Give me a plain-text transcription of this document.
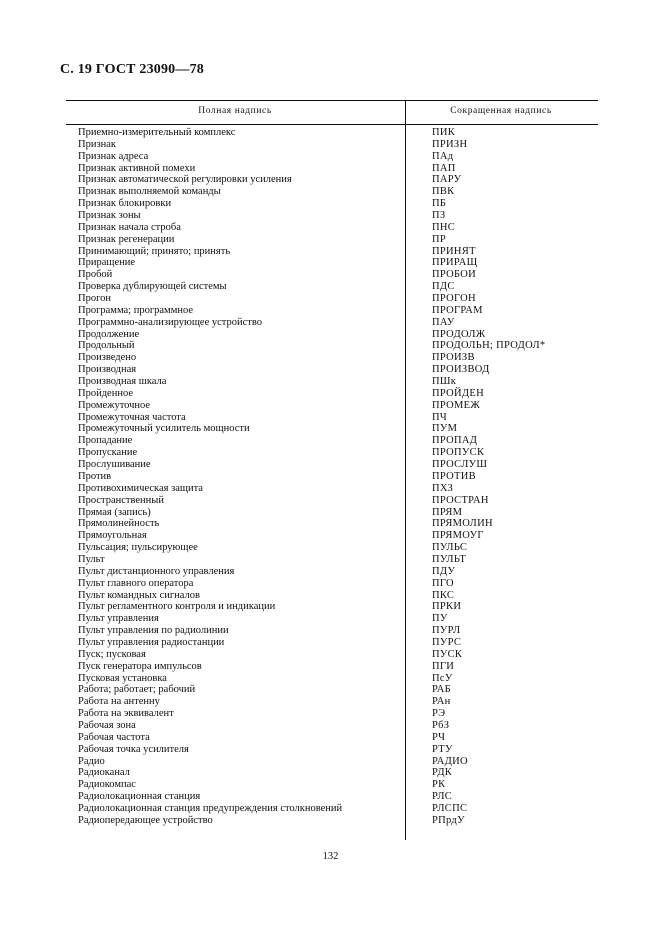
С. 19 ГОСТ 23090—78
Полная надпись	Сокращенная надпись
Приемно-измерительный комплекс	ПИК
Признак	ПРИЗН
Признак адреса	ПАд
Признак активной помехи	ПАП
Признак автоматической регулировки усиления	ПАРУ
Признак выполняемой команды	ПВК
Признак блокировки	ПБ
Признак зоны	ПЗ
Признак начала строба	ПНС
Признак регенерации	ПР
Принимающий; принято; принять	ПРИНЯТ
Приращение	ПРИРАЩ
Пробой	ПРОБОИ
Проверка дублирующей системы	ПДС
Прогон	ПРОГОН
Программа; программное	ПРОГРАМ
Программно-анализирующее устройство	ПАУ
Продолжение	ПРОДОЛЖ
Продольный	ПРОДОЛЬН; ПРОДОЛ*
Произведено	ПРОИЗВ
Производная	ПРОИЗВОД
Производная шкала	ПШк
Пройденное	ПРОЙДЕН
Промежуточное	ПРОМЕЖ
Промежуточная частота	ПЧ
Промежуточный усилитель мощности	ПУМ
Пропадание	ПРОПАД
Пропускание	ПРОПУСК
Прослушивание	ПРОСЛУШ
Против	ПРОТИВ
Противохимическая защита	ПХЗ
Пространственный	ПРОСТРАН
Прямая (запись)	ПРЯМ
Прямолинейность	ПРЯМОЛИН
Прямоугольная	ПРЯМОУГ
Пульсация; пульсирующее	ПУЛЬС
Пульт	ПУЛЬТ
Пульт дистанционного управления	ПДУ
Пульт главного оператора	ПГО
Пульт командных сигналов	ПКС
Пульт регламентного контроля и индикации	ПРКИ
Пульт управления	ПУ
Пульт управления по радиолинии	ПУРЛ
Пульт управления радиостанции	ПУРС
Пуск; пусковая	ПУСК
Пуск генератора импульсов	ПГИ
Пусковая установка	ПсУ
Работа; работает; рабочий	РАБ
Работа на антенну	РАн
Работа на эквивалент	РЭ
Рабочая зона	РбЗ
Рабочая частота	РЧ
Рабочая точка усилителя	РТУ
Радио	РАДИО
Радиоканал	РДК
Радиокомпас	РК
Радиолокационная станция	РЛС
Радиолокационная станция предупреждения столкновений	РЛСПС
Радиопередающее устройство	РПрдУ
132
